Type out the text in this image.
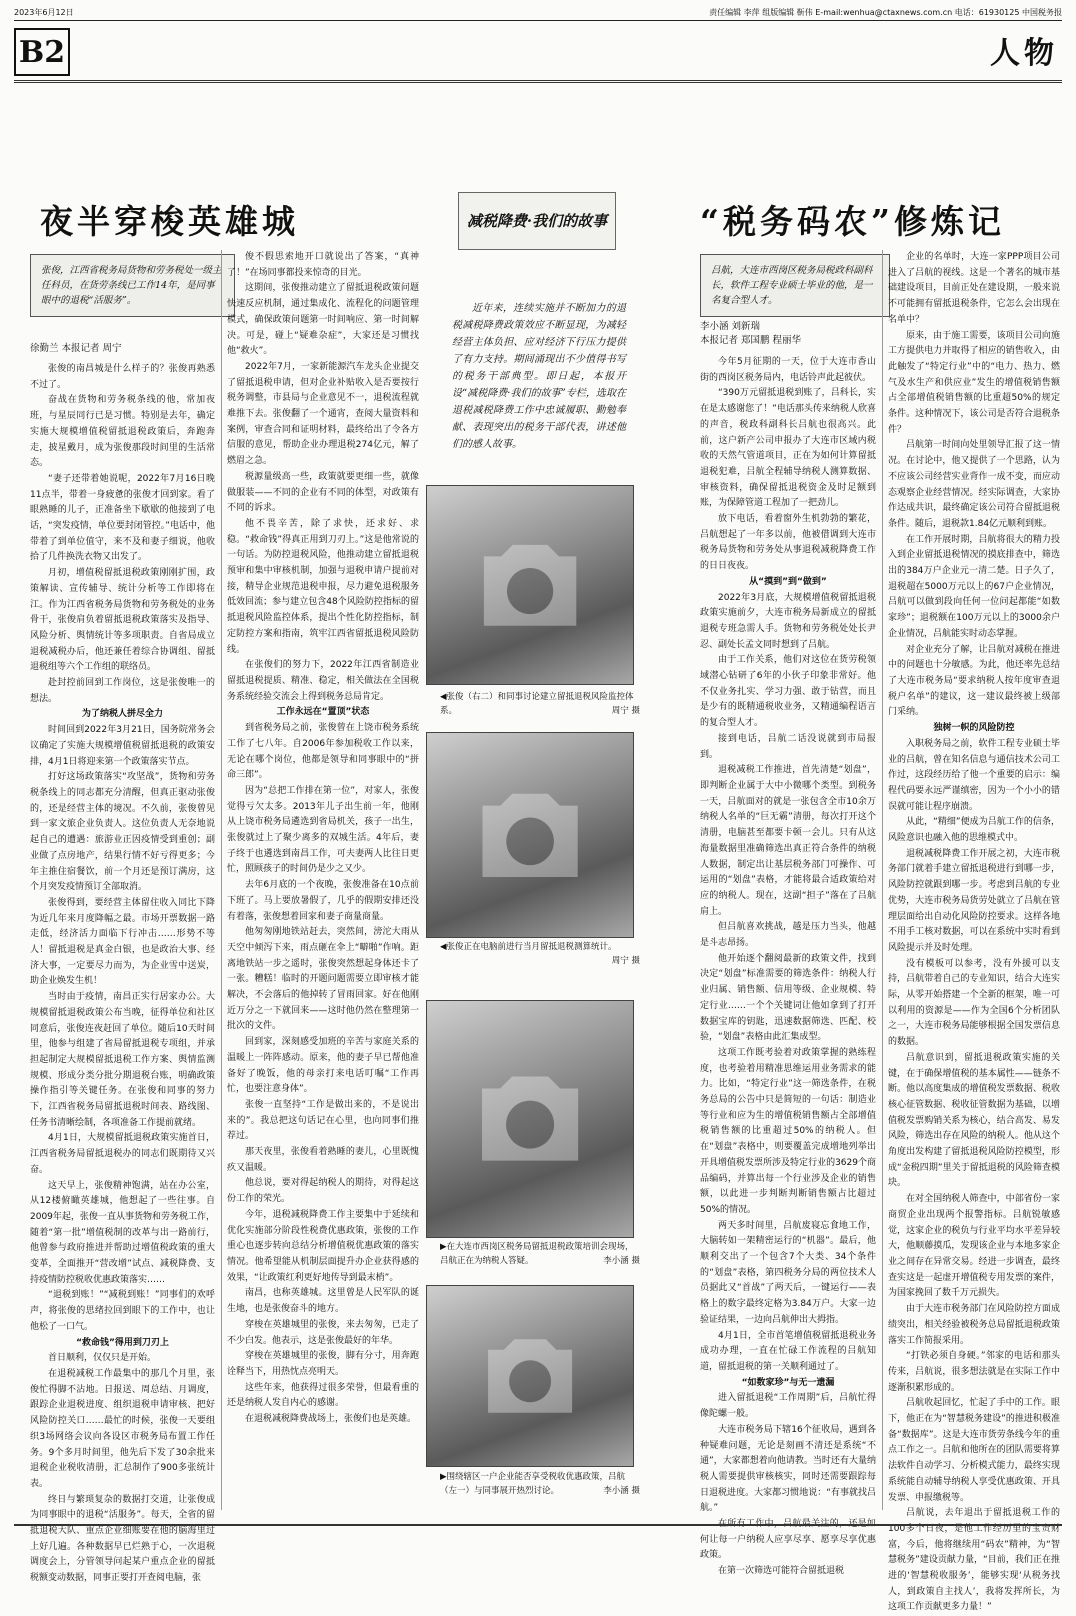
2023年6月12日	责任编辑 李萍 组版编辑 靳伟 E-mail:wenhua@ctaxnews.com.cn 电话：61930125 中国税务报
B2	人物
夜半穿梭英雄城
张俊，江西省税务局货物和劳务税处一级主任科员，在货劳条线已工作14年，是同事眼中的退税“活服务”。
徐勤兰 本报记者 周宁

张俊的南昌城是什么样子的？张俊再熟悉不过了。

奋战在货物和劳务税条线的他，常加夜班，与星辰同行已是习惯。特别是去年，确定实施大规模增值税留抵退税政策后，奔跑奔走，披星戴月，成为张俊那段时间里的生活常态。

“妻子还带着她说呢，2022年7月16日晚11点半，带着一身疲惫的张俊才回到家。看了眼熟睡的儿子，正准备坐下歇歇的他接到了电话，“突发疫情，单位要封闭管控。”电话中，他带着了到单位值守，来不及和妻子细说，他收拾了几件换洗衣物又出发了。

月初，增值税留抵退税政策刚刚扩围，政策解读、宣传辅导、统计分析等工作即将在江。作为江西省税务局货物和劳务税处的业务骨干，张俊肩负着留抵退税政策落实及指导、风险分析、舆情统计等多项职责。自省局成立退税减税办后，他还兼任着综合协调组、留抵退税组等六个工作组的联络员。

赴封控前回到工作岗位，这是张俊唯一的想法。

为了纳税人拼尽全力

时间回到2022年3月21日，国务院常务会议确定了实施大规模增值税留抵退税的政策安排，4月1日将迎来第一个政策落实节点。

打好这场政策落实“攻坚战”，货物和劳务税条线上的同志都充分清醒，但真正驱动张俊的，还是经营主体的境况。不久前，张俊曾见到一家文旅企业负责人。这位负责人无奈地说起自己的遭遇：旅游业正因疫情受到重创；副业做了点房地产，结果行情不好亏得更多；今年主推住宿餐饮，前一个月还是预订满房，这个月突发疫情预订全部取消。

张俊得到，要经营主体留住收入同比下降为近几年来月度降幅之最。市场开票数据一路走低，经济活力面临下行冲击……形势不等人！留抵退税是真金白银，也是政治大事、经济大事，一定要尽力而为，为企业雪中送炭，助企业焕发生机！

当时由于疫情，南昌正实行居家办公。大规模留抵退税政策公布当晚，征得单位和社区同意后，张俊连夜赶回了单位。随后10天时间里，他参与组建了省局留抵退税专项组，并承担起制定大规模留抵退税工作方案、舆情监测规模、形成分类分批分期退税台账，明确政策操作指引等关键任务。在张俊和同事的努力下，江西省税务局留抵退税时间表、路线图、任务书清晰绘制，各项准备工作提前就绪。

4月1日，大规模留抵退税政策实施首日，江西省税务局留抵退税办的同志们既期待又兴奋。

这天早上，张俊精神饱满，站在办公室，从12楼俯瞰英雄城，他想起了一些往事。自2009年起，张俊一直从事货物和劳务税工作，随着“第一批”增值税制的改革与出一路前行，他曾参与政府推进并帮助过增值税政策的重大变革，全面推开“营改增”试点、减税降费、支持疫情防控税收优惠政策落实……

“退税到账！”“减税到账！”同事们的欢呼声，将张俊的思绪拉回到眼下的工作中，也让他松了一口气。

“救命钱”得用到刀刃上

首日顺利，仅仅只是开始。

在退税减税工作最集中的那几个月里，张俊忙得脚不沾地。日报送、周总结、月调度，跟踪企业退税进度、组织退税申请审核、把好风险防控关口……最忙的时候，张俊一天要组织3场网络会议向各设区市税务局布置工作任务。9个多月时间里，他先后下发了30余批来退税企业税收清册，汇总制作了900多张统计表。

终日与繁琐复杂的数据打交道，让张俊成为同事眼中的退税“活服务”。每天，全省的留抵退税大队、重点企业细账要在他的脑海里过上好几遍。各种数据早已烂熟于心，一次退税调度会上，分管领导问起某户重点企业的留抵税额变动数据，同事正要打开查阅电脑，张

俊不假思索地开口就说出了答案，“真神了！”在场同事都投来惊奇的目光。

这期间，张俊推动建立了留抵退税政策问题快速反应机制，通过集成化、流程化的问题管理模式，确保政策问题第一时间响应、第一时间解决。可是，碰上“疑难杂症”，大家还是习惯找他“救火”。

2022年7月，一家新能源汽车龙头企业提交了留抵退税申请，但对企业补贴收入是否要按行税务调整，市县局与企业意见不一，退税流程就难推下去。张俊翻了一个通宵，查阅大量资料和案例，审查合同和证明材料，最终给出了令各方信服的意见，帮助企业办理退税274亿元，解了燃眉之急。

税源量级高一些，政策就要更细一些，就像做服装——不同的企业有不同的体型，对政策有不同的诉求。

他不畏辛苦，除了求快，还求好、求稳。“救命钱”得真正用到刀刃上。”这是他常说的一句话。为防控退税风险，他推动建立留抵退税预审和集中审核机制，加强与退税申请户提前对接，精导企业规范退税申报，尽力避免退税服务低效回流；参与建立包含48个风险防控指标的留抵退税风险监控体系，提出个性化防控指标，制定防控方案和指南，筑牢江西省留抵退税风险防线。

在张俊们的努力下，2022年江西省制造业留抵退税提质、精准、稳定，相关做法在全国税务系统经验交流会上得到税务总局肯定。

工作永远在“置顶”状态

到省税务局之前，张俊曾在上饶市税务系统工作了七八年。自2006年参加税收工作以来，无论在哪个岗位，他都是领导和同事眼中的“拼命三郎”。

因为“总把工作排在第一位”，对家人，张俊觉得亏欠太多。2013年儿子出生前一年，他刚从上饶市税务局遴选到省局机关，孩子一出生，张俊就过上了聚少离多的双城生活。4年后，妻子终于也遴选到南昌工作，可夫妻两人比往日更忙，照顾孩子的时间仍是少之又少。

去年6月底的一个夜晚，张俊准备在10点前下班了。马上要放暑假了，几乎的假期安排还没有着落，张俊想着回家和妻子商量商量。

他匆匆刚地铁站赶去，突然间，滂沱大雨从天空中倾泻下来，雨点砸在伞上“噼啪”作响。距离地铁站一步之遥时，张俊突然想起身体还卡了一张。糟糕！临时的开题问题需要立即审核才能解决，不会落后的他掉转了冒雨回家。好在他刚近万分之一下就回来——这时他仍然在整理第一批次的文件。

回到家，深刻感受加班的辛苦与家庭关系的温暖上一阵阵感动。原来，他的妻子早已帮他准备好了晚饭，他的母亲打来电话叮嘱“工作再忙，也要注意身体”。

张俊一直坚持“工作是做出来的，不是说出来的”。我总把这句话记在心里，也向同事们推荐过。

那天夜里，张俊看着熟睡的妻儿，心里既愧疚又温暖。

他总说，要对得起纳税人的期待，对得起这份工作的荣光。

今年，退税减税降费工作主要集中于延续和优化实施部分阶段性税费优惠政策，张俊的工作重心也逐步转向总结分析增值税优惠政策的落实情况。他希望能从机制层面提升办企业获得感的效果，“让政策红利更好地传导到最末梢”。

南昌，也称英雄城。这里曾是人民军队的诞生地，也是张俊奋斗的地方。

穿梭在英雄城里的张俊，来去匆匆，已走了不少白发。他表示，这是张俊最好的年华。

穿梭在英雄城里的张俊，脚有分寸，用奔跑诠释当下，用热忱点亮明天。

这些年来，他获得过很多荣誉，但最看重的还是纳税人发自内心的感谢。

在退税减税降费战场上，张俊们也是英雄。

减税降费·我们的故事
近年来，连续实施并不断加力的退税减税降费政策效应不断显现，为减轻经营主体负担、应对经济下行压力提供了有力支持。期间涌现出不少值得书写的税务干部典型。即日起，本报开设“减税降费·我们的故事”专栏，选取在退税减税降费工作中忠诚履职、勤勉奉献、表现突出的税务干部代表，讲述他们的感人故事。
◀张俊（右二）和同事讨论建立留抵退税风险监控体系。	周宁 摄
◀张俊正在电脑前进行当月留抵退税测算统计。
周宁 摄
▶在大连市西岗区税务局留抵退税政策培训会现场，吕航正在为纳税人答疑。	李小涵 摄
▶围绕辖区一户企业能否享受税收优惠政策，吕航（左一）与同事展开热烈讨论。	李小涵 摄
“税务码农”修炼记
吕航，大连市西岗区税务局税政科副科长，软件工程专业硕士毕业的他，是一名复合型人才。
李小涵 刘新瑞
本报记者 郑国鹏 程丽华

今年5月征期的一天，位于大连市香山街的西岗区税务局内，电话铃声此起彼伏。

“390万元留抵退税到账了，吕科长，实在是太感谢您了！”电话那头传来纳税人欣喜的声音，税政科副科长吕航也很高兴。此前，这户新产公司申报办了大连市区域内税收的天然气管道项目，正在为如何计算留抵退税犯难，吕航全程辅导纳税人测算数据、审核资料，确保留抵退税资金及时足额到账，为保障管道工程加了一把劲儿。

放下电话，看着窗外生机勃勃的繁花，吕航想起了一年多以前，他被借调到大连市税务局货物和劳务处从事退税减税降费工作的日日夜夜。

从“摸到”到“做到”

2022年3月底，大规模增值税留抵退税政策实施前夕，大连市税务局新成立的留抵退税专班急需人手。货物和劳务税处处长尹忍、副处长孟文同时想到了吕航。

由于工作关系，他们对这位在货劳税领域潜心钻研了6年的小伙子印象非常好。他不仅业务扎实、学习力强、敢于钻营，而且是少有的既精通税收业务，又精通编程语言的复合型人才。

接到电话，吕航二话没说就到市局报到。

退税减税工作推进，首先清楚“划盘”，即判断企业属于大中小微哪个类型。到税务一天，吕航面对的就是一张包含全市10余万纳税人名单的“巨无霸”清册，每次打开这个清册，电脑甚至都要卡顿一会儿。只有从这海量数据里准确筛选出真正符合条件的纳税人数据，制定出让基层税务部门可操作、可运用的“划盘”表格，才能将最合适政策给对应的纳税人。现在，这副“担子”落在了吕航肩上。

但吕航喜欢挑战，越是压力当头，他越是斗志昂扬。

他开始逐个翻阅最新的政策文件，找到决定“划盘”标准需要的筛选条件：纳税人行业归属、销售额、信用等级、企业规模、特定行业……一个个关键词让他如拿到了打开数据宝库的钥匙，迅速数据筛选、匹配、校验，“划盘”表格由此汇集成型。

这项工作既考验着对政策掌握的熟练程度，也考验着用精准思维运用业务需求的能力。比如，“特定行业”这一筛选条件，在税务总局的公告中只是简短的一句话：制造业等行业和应为生的增值税销售额占全部增值税销售额的比重超过50%的纳税人。但在“划盘”表格中，则要覆盖完成增地列举出开具增值税发票所涉及特定行业的3629个商品编码，并算出每一个行业涉及企业的销售额，以此进一步判断判断销售额占比超过50%的情况。

两天多时间里，吕航废寝忘食地工作，大脑转如一架精密运行的“机器”。最后，他顺利交出了一个包含7个大类、34个条件的“划盘”表格，第四税务分局的两位技术人员据此又“首战”了两天后，一键运行——表格上的数字最终定格为3.84万户。大家一边验证结果，一边向吕航伸出大拇指。

4月1日，全市首笔增值税留抵退税业务成功办理，一直在忙碌工作流程的吕航知道，留抵退税的第一关顺利通过了。

“如数家珍”与无一遗漏

进入留抵退税“工作周期”后，吕航忙得像陀螺一般。

大连市税务局下辖16个征收局，遇到各种疑难问题，无论是刻画不清还是系统“不通”，大家都想着向他请教。当时还有大量纳税人需要提供审核核实，同时还需要跟踪每日退税进度。大家都习惯地说：“有事就找吕航。”

在所有工作中，吕航最关注的，还是如何让每一户纳税人应享尽享、愿享尽享优惠政策。

在第一次筛选可能符合留抵退税

企业的名单时，大连一家PPP项目公司进入了吕航的视线。这是一个著名的城市基础建设项目，目前正处在建设期，一般来说不可能拥有留抵退税条件，它怎么会出现在名单中？

原来，由于施工需要，该项目公司向施工方提供电力并取得了相应的销售收入，由此触发了“特定行业”中的“电力、热力、燃气及水生产和供应业”发生的增值税销售额占全部增值税销售额的比重超50%的规定条件。这种情况下，该公司是否符合退税条件？

吕航第一时间向处里领导汇报了这一情况。在讨论中，他又提供了一个思路，认为不应该公司经营实业背作一成不变，而应动态观察企业经营情况。经实际调查，大家协作达成共识，最终确定该公司符合留抵退税条件。随后，退税款1.84亿元顺利到账。

在工作开展时期，吕航将很大的精力投入到企业留抵退税情况的摸底排查中，筛选出的384万户企业元一清二楚。日子久了，退税超在5000万元以上的67户企业情况，吕航可以做到段向任何一位问起都能“如数家珍”；退税额在100万元以上的3000余户企业情况，吕航能实时动态掌握。

对企业充分了解，让吕航对减税在推进中的问题也十分敏感。为此，他还率先总结了大连市税务局“要求纳税人按年度审查退税户名单”的建议，这一建议最终被上级部门采纳。

独树一帜的风险防控

入职税务局之前，软件工程专业硕士毕业的吕航，曾在知名信息与通信技术公司工作过，这段经历给了他一个重要的启示：编程代码要永远严谨缜密，因为一个小小的错误就可能让程序崩溃。

从此，“精细”便成为吕航工作的信条，风险意识也融入他的思维模式中。

退税减税降费工作开展之初，大连市税务部门就着手建立留抵退税进行到哪一步，风险防控就跟到哪一步。考虑到吕航的专业优势，大连市税务局货劳处就立了吕航在管理层面给出自动化风险防控要求。这样各地不用手工核对数据，可以在系统中实时看到风险提示并及时处理。

没有模板可以参考，没有外援可以支持，吕航带着自己的专业知识，结合大连实际，从零开始搭建一个全新的框架，唯一可以利用的资源是——作为全国6个分析团队之一，大连市税务局能够根据全国发票信息的数据。

吕航意识到，留抵退税政策实施的关键，在于确保增值税的基本属性——链条不断。他以高度集成的增值税发票数据、税收核心征管数据、税收征管数据为基础，以增值税发票购销关系为核心，结合高发、易发风险，筛选出存在风险的纳税人。他从这个角度出发构建了留抵退税风险防控模型，形成“金税四期”里关于留抵退税的风险筛查模块。

在对全国纳税人筛查中，中部省份一家商贸企业出现两个报警指标。吕航锐敏感觉，这家企业的税负与行业平均水平差异较大，他顺藤摸瓜，发现该企业与本地多家企业之间存在异常交易。经进一步调查，最终查实这是一起虚开增值税专用发票的案件，为国家挽回了数千万元损失。

由于大连市税务部门在风险防控方面成绩突出，相关经验被税务总局留抵退税政策落实工作简报采用。

“打铁必须自身硬。”邻家的电话和那头传来，吕航说，很多想法就是在实际工作中逐渐积累形成的。

吕航收起回忆，忙起了手中的工作。眼下，他正在为“智慧税务建设”的推进积极准备“数据库”。这是大连市货劳条线今年的重点工作之一。吕航和他所在的团队需要将算法软件自动学习、分析模式能力，最终实现系统能自动辅导纳税人享受优惠政策、开具发票、申报缴税等。

吕航说，去年退出于留抵退税工作的100多个日夜，是他工作经历里的宝贵财富，今后，他将继续用“码农”精神，为“智慧税务”建设贡献力量，“目前，我们正在推进的‘智慧税收服务’，能够实现‘从税务找人，到政策自主找人’，我将发挥所长，为这项工作贡献更多力量！”
